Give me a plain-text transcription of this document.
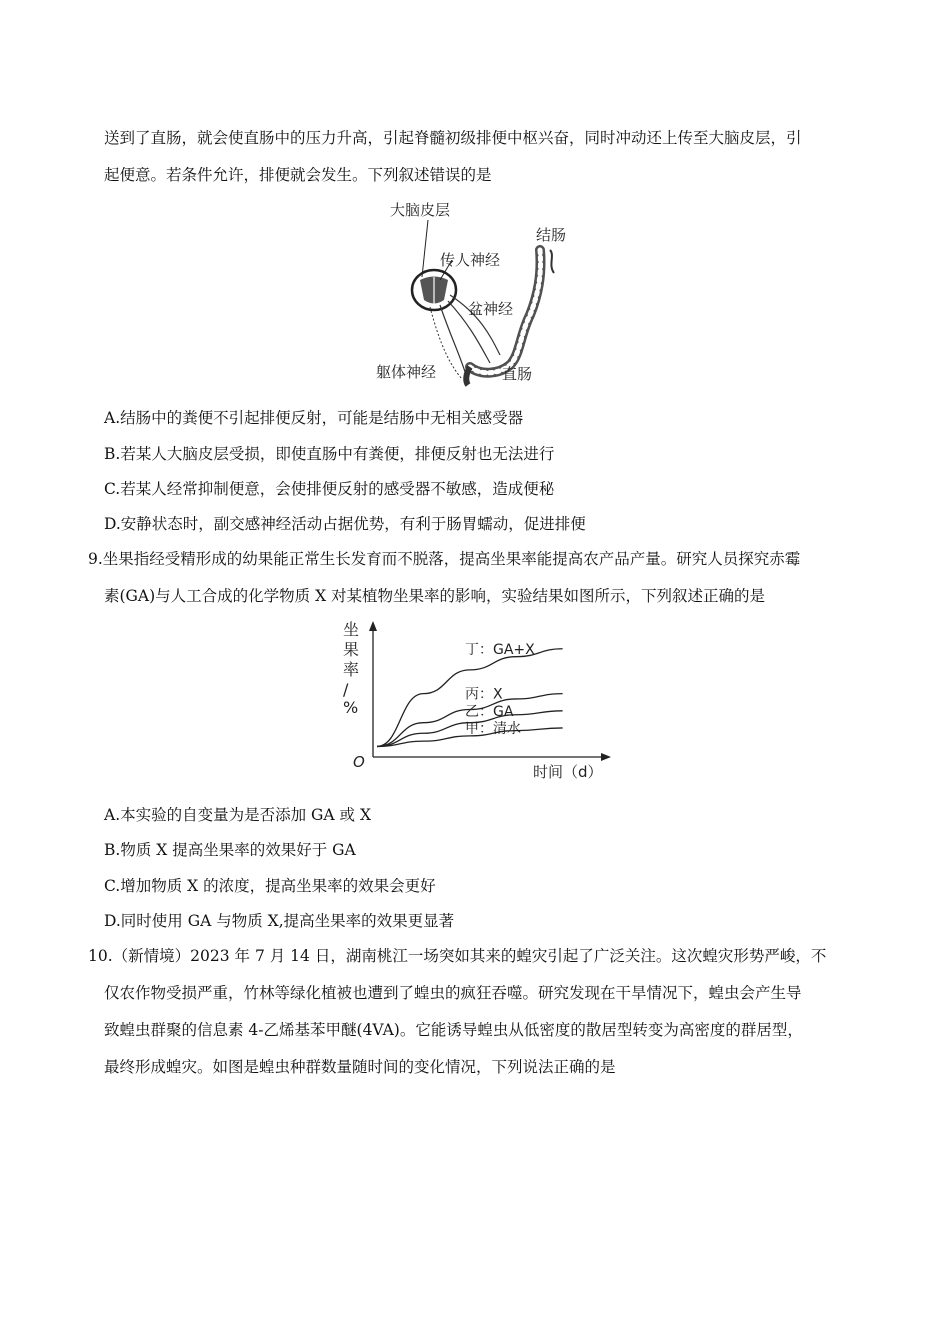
送到了直肠，就会使直肠中的压力升高，引起脊髓初级排便中枢兴奋，同时冲动还上传至大脑皮层，引
起便意。若条件允许，排便就会发生。下列叙述错误的是
大脑皮层
传人神经
结肠
盆神经
躯体神经	直肠
A.结肠中的粪便不引起排便反射，可能是结肠中无相关感受器
B.若某人大脑皮层受损，即使直肠中有粪便，排便反射也无法进行
C.若某人经常抑制便意，会使排便反射的感受器不敏感，造成便秘
D.安静状态时，副交感神经活动占据优势，有利于肠胃蠕动，促进排便
9.坐果指经受精形成的幼果能正常生长发育而不脱落，提高坐果率能提高农产品产量。研究人员探究赤霉
素(GA)与人工合成的化学物质 X 对某植物坐果率的影响，实验结果如图所示，下列叙述正确的是
坐
果
率
/
%
O
时间（d）
丁：GA+X
丙：X
乙：GA
甲：清水
A.本实验的自变量为是否添加 GA 或 X
B.物质 X 提高坐果率的效果好于 GA
C.增加物质 X 的浓度，提高坐果率的效果会更好
D.同时使用 GA 与物质 X,提高坐果率的效果更显著
10.（新情境）2023 年 7 月 14 日，湖南桃江一场突如其来的蝗灾引起了广泛关注。这次蝗灾形势严峻，不
仅农作物受损严重，竹林等绿化植被也遭到了蝗虫的疯狂吞噬。研究发现在干旱情况下，蝗虫会产生导
致蝗虫群聚的信息素 4-乙烯基苯甲醚(4VA)。它能诱导蝗虫从低密度的散居型转变为高密度的群居型，
最终形成蝗灾。如图是蝗虫种群数量随时间的变化情况，下列说法正确的是
